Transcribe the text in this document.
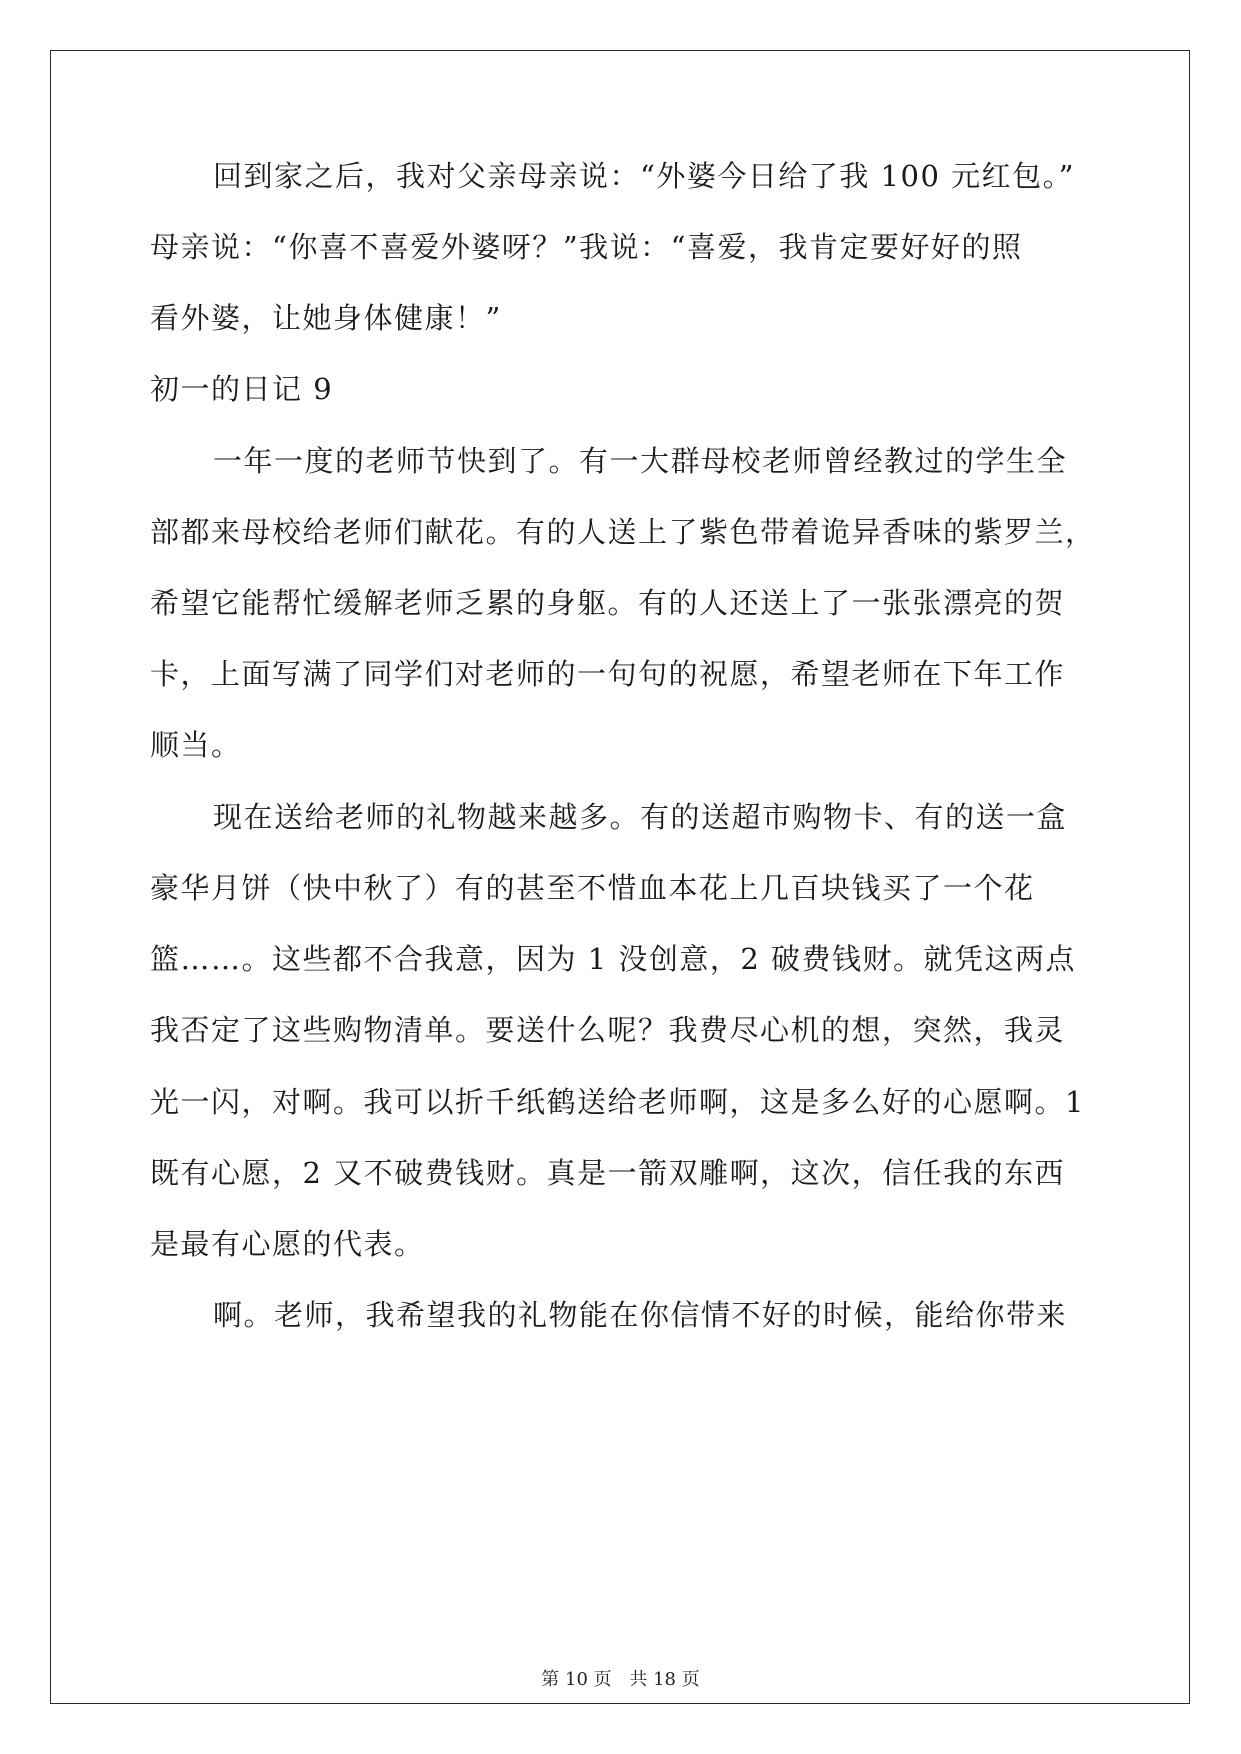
回到家之后，我对父亲母亲说：“外婆今日给了我 100 元红包。”
母亲说：“你喜不喜爱外婆呀？”我说：“喜爱，我肯定要好好的照
看外婆，让她身体健康！”
初一的日记 9
一年一度的老师节快到了。有一大群母校老师曾经教过的学生全
部都来母校给老师们献花。有的人送上了紫色带着诡异香味的紫罗兰，
希望它能帮忙缓解老师乏累的身躯。有的人还送上了一张张漂亮的贺
卡，上面写满了同学们对老师的一句句的祝愿，希望老师在下年工作
顺当。
现在送给老师的礼物越来越多。有的送超市购物卡、有的送一盒
豪华月饼（快中秋了）有的甚至不惜血本花上几百块钱买了一个花
篮……。这些都不合我意，因为 1 没创意，2 破费钱财。就凭这两点
我否定了这些购物清单。要送什么呢？我费尽心机的想，突然，我灵
光一闪，对啊。我可以折千纸鹤送给老师啊，这是多么好的心愿啊。1
既有心愿，2 又不破费钱财。真是一箭双雕啊，这次，信任我的东西
是最有心愿的代表。
啊。老师，我希望我的礼物能在你信情不好的时候，能给你带来
第 10 页 共 18 页
